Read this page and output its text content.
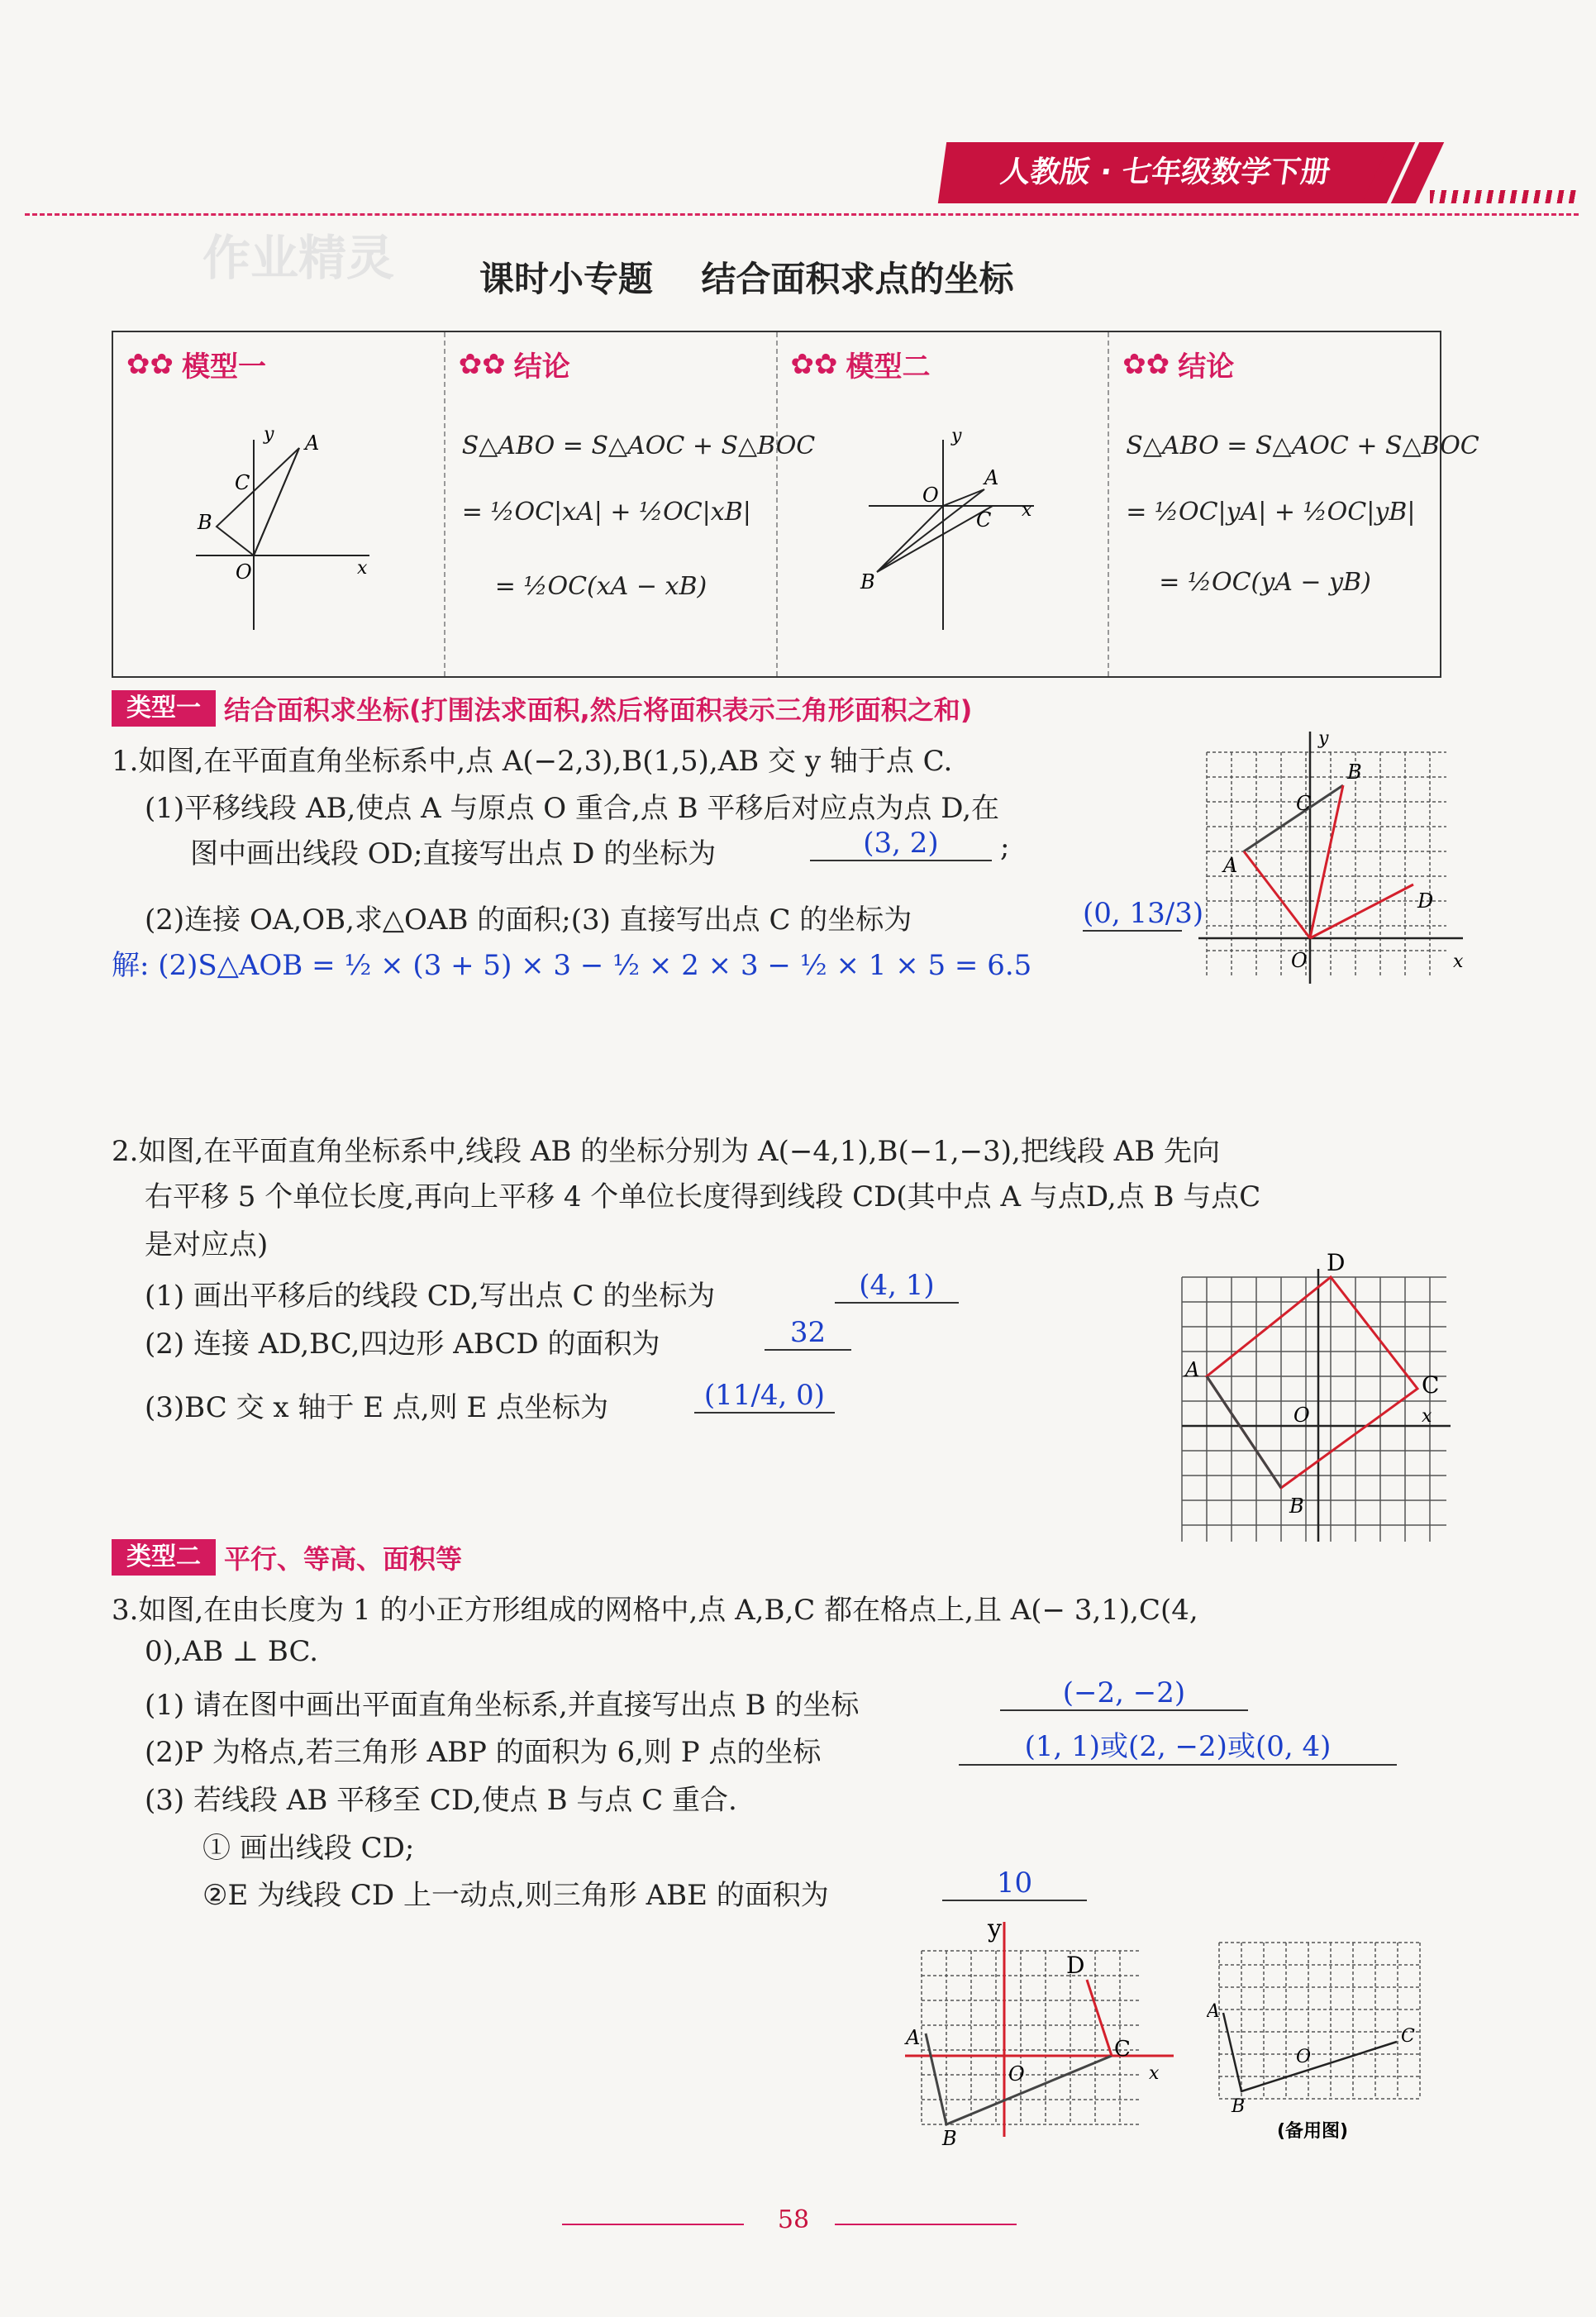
人教版 · 七年级数学下册
作业精灵 课时小专题    结合面积求点的坐标
✿✿ 模型一
y A
C
B
O	x
✿✿ 结论
S△ABO = S△AOC + S△BOC
= ½OC|xA| + ½OC|xB|
= ½OC(xA − xB)
✿✿ 模型二
y
O
A
C
B
x
✿✿ 结论
S△ABO = S△AOC + S△BOC
= ½OC|yA| + ½OC|yB|
= ½OC(yA − yB)
类型一 结合面积求坐标(打围法求面积,然后将面积表示三角形面积之和)
1.如图,在平面直角坐标系中,点 A(−2,3),B(1,5),AB 交 y 轴于点 C.
(1)平移线段 AB,使点 A 与原点 O 重合,点 B 平移后对应点为点 D,在
图中画出线段 OD;直接写出点 D 的坐标为	(3, 2)	;
(2)连接 OA,OB,求△OAB 的面积;(3) 直接写出点 C 的坐标为	(0, 13/3)
解: (2)S△AOB = ½ × (3 + 5) × 3 − ½ × 2 × 3 − ½ × 1 × 5 = 6.5
A
B
C
D
O	x
y
2.如图,在平面直角坐标系中,线段 AB 的坐标分别为 A(−4,1),B(−1,−3),把线段 AB 先向
右平移 5 个单位长度,再向上平移 4 个单位长度得到线段 CD(其中点 A 与点D,点 B 与点C
是对应点)
(1) 画出平移后的线段 CD,写出点 C 的坐标为	(4, 1)
(2) 连接 AD,BC,四边形 ABCD 的面积为	32
(3)BC 交 x 轴于 E 点,则 E 点坐标为	(11/4, 0)
A
B
C
D
O	x
类型二 平行、等高、面积等
3.如图,在由长度为 1 的小正方形组成的网格中,点 A,B,C 都在格点上,且 A(− 3,1),C(4,
0),AB ⊥ BC.
(1) 请在图中画出平面直角坐标系,并直接写出点 B 的坐标	(−2, −2)
(2)P 为格点,若三角形 ABP 的面积为 6,则 P 点的坐标	(1, 1)或(2, −2)或(0, 4)
(3) 若线段 AB 平移至 CD,使点 B 与点 C 重合.
① 画出线段 CD;
②E 为线段 CD 上一动点,则三角形 ABE 的面积为	10
y
A
B
C
D
O	x
A
B
C
O
(备用图)
58
